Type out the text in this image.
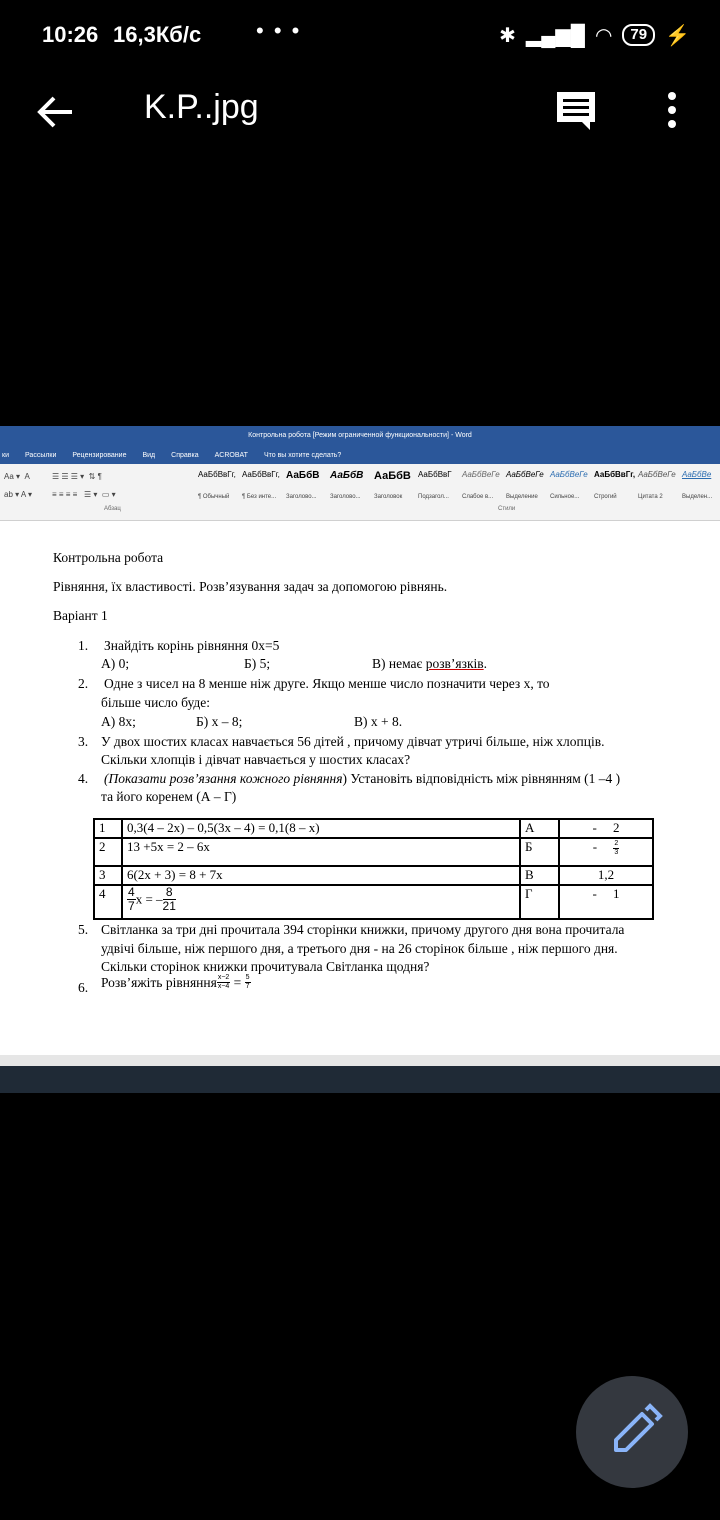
10:26 16,3Кб/с • • •	✱ ▂▄▆█ ◠	79 ⚡
K.P..jpg
Контрольна робота [Режим ограниченной функциональности] - Word
ки Рассылки Рецензирование Вид Справка ACROBAT Что вы хотите сделать?
Aa ▾  A

ab ▾ A ▾
☰ ☰ ☰ ▾  ⇅ ¶

≡ ≡ ≡ ≡   ☰ ▾  ▭ ▾
АаБбВвГг,
¶ Обычный
АаБбВвГг,
¶ Без инте...
АаБбВ
Заголово...
АаБбВ
Заголово...
АаБбВ
Заголовок
АаБбВвГ
Подзагол...
АаБбВеГе
Слабое в...
АаБбВеГе
Выделение
АаБбВеГе
Сильное...
АаБбВвГг,
Строгий
АаБбВеГе
Цитата 2
АаБбВе
Выделен...
Абзац	Стили
Контрольна робота
Рівняння, їх властивості. Розв’язування задач за допомогою рівнянь.
Варіант 1
1. Знайдіть корінь рівняння 0х=5
А) 0;	Б) 5;	В) немає розв’язків.
2. Одне з чисел на 8 менше ніж друге. Якщо менше число позначити через х, то
більше число буде:
А) 8х;	Б) х – 8;	В) х + 8.
3. У двох шостих класах навчається 56 дітей , причому дівчат утричі більше, ніж хлопців.
Скільки хлопців і дівчат навчається у шостих класах?
4. (Показати розв’язання кожного рівняння) Установіть відповідність між рівнянням (1 –4 )
та його коренем (А – Г)
1	0,3(4 – 2х) – 0,5(3х – 4) = 0,1(8 – х)	А	-     2
2	13 +5х = 2 – 6х	Б	- $\frac{2}{3}$

3	6(2х + 3) = 8 + 7х	В	1,2
4	$\frac{4}{7}$ х = – $\frac{8}{21}$	Г	-     1
5. Світланка за три дні прочитала 394 сторінки книжки, причому другого дня вона прочитала
удвічі більше, ніж першого дня, а третього дня - на 26 сторінок більше , ніж першого дня.
Скільки сторінок книжки прочитувала Світланка щодня?
6. Розв’яжіть рівняння $\frac{x-2}{x-4} = \frac{5}{7}$
